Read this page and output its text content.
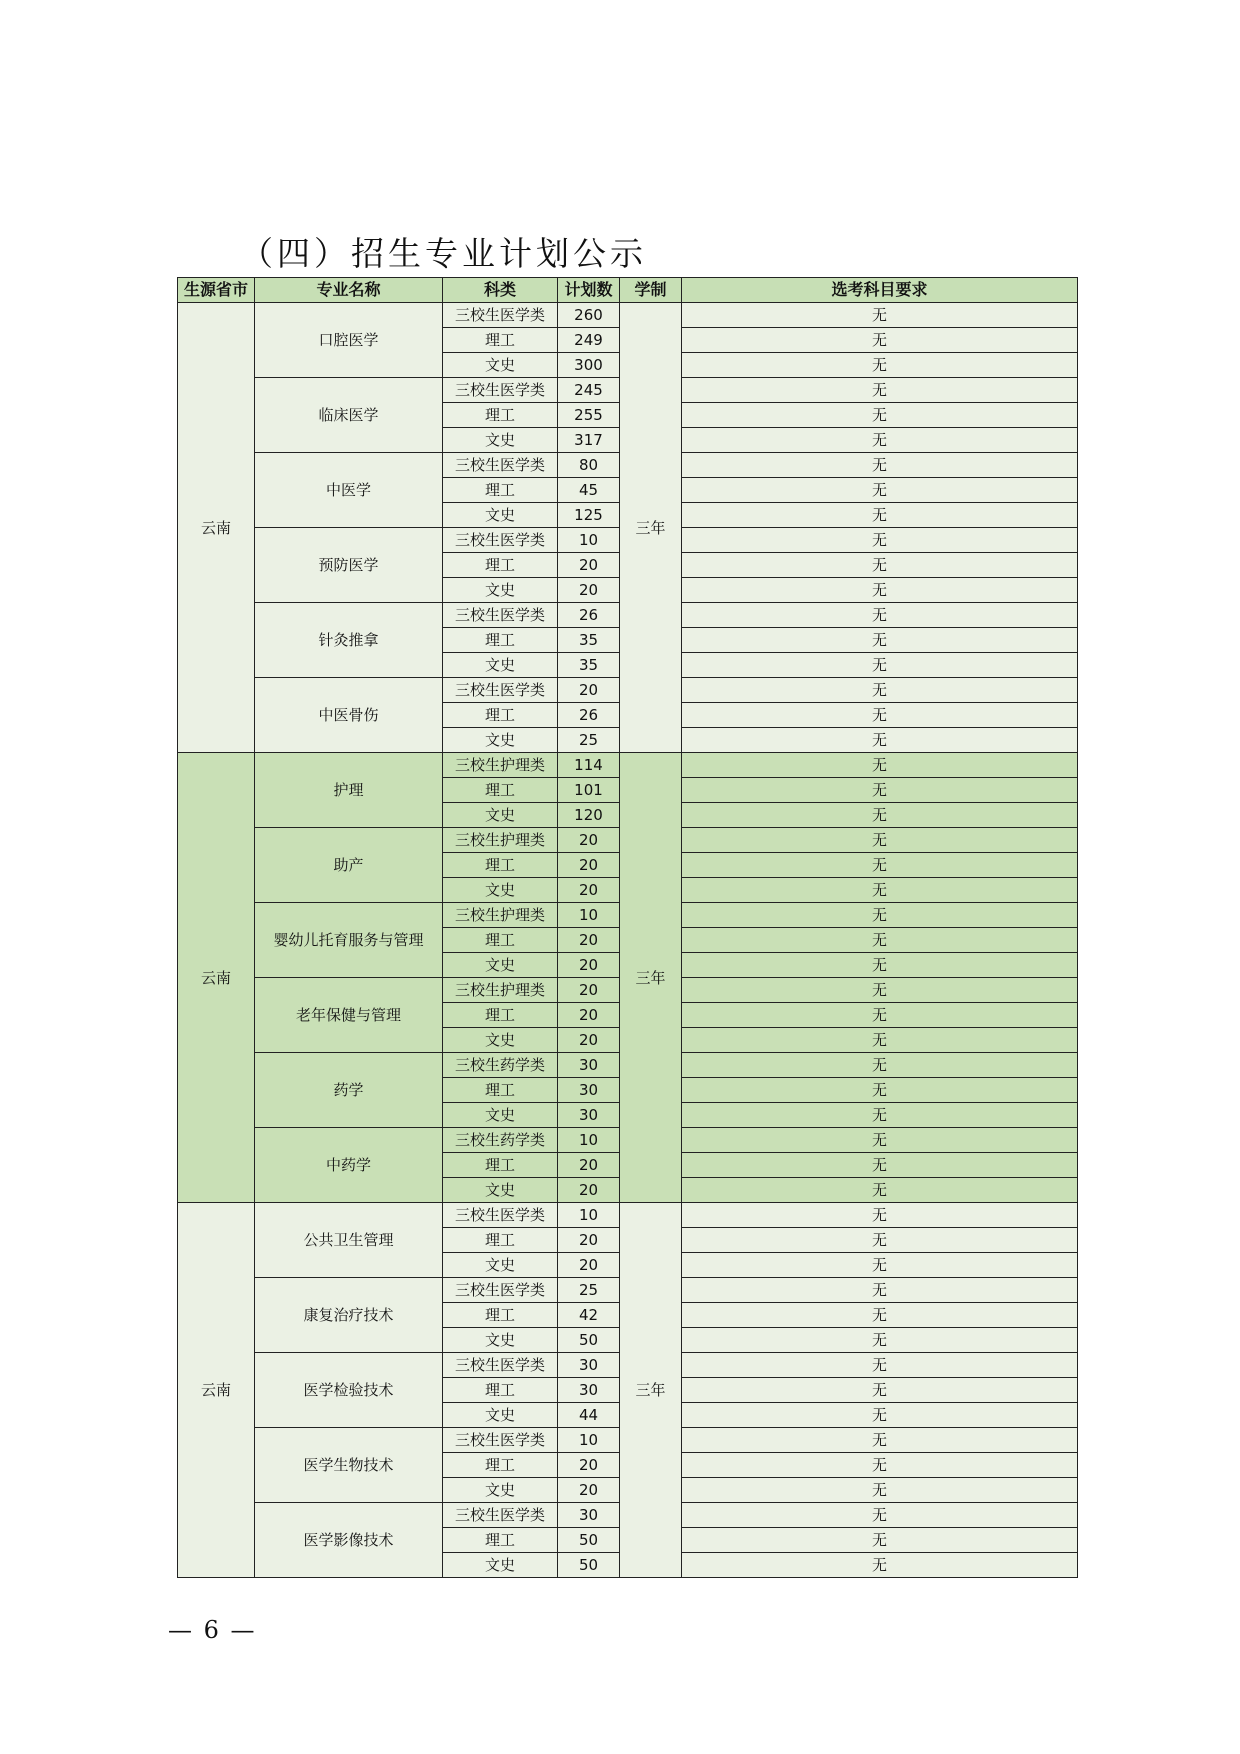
（四）招生专业计划公示
生源省市	专业名称	科类	计划数	学制	选考科目要求
云南	口腔医学	三校生医学类	260	三年	无
		理工	249		无
		文史	300		无
	临床医学	三校生医学类	245		无
		理工	255		无
		文史	317		无
	中医学	三校生医学类	80		无
		理工	45		无
		文史	125		无
	预防医学	三校生医学类	10		无
		理工	20		无
		文史	20		无
	针灸推拿	三校生医学类	26		无
		理工	35		无
		文史	35		无
	中医骨伤	三校生医学类	20		无
		理工	26		无
		文史	25		无
云南	护理	三校生护理类	114	三年	无
		理工	101		无
		文史	120		无
	助产	三校生护理类	20		无
		理工	20		无
		文史	20		无
	婴幼儿托育服务与管理	三校生护理类	10		无
		理工	20		无
		文史	20		无
	老年保健与管理	三校生护理类	20		无
		理工	20		无
		文史	20		无
	药学	三校生药学类	30		无
		理工	30		无
		文史	30		无
	中药学	三校生药学类	10		无
		理工	20		无
		文史	20		无
云南	公共卫生管理	三校生医学类	10	三年	无
		理工	20		无
		文史	20		无
	康复治疗技术	三校生医学类	25		无
		理工	42		无
		文史	50		无
	医学检验技术	三校生医学类	30		无
		理工	30		无
		文史	44		无
	医学生物技术	三校生医学类	10		无
		理工	20		无
		文史	20		无
	医学影像技术	三校生医学类	30		无
		理工	50		无
		文史	50		无
— 6 —
